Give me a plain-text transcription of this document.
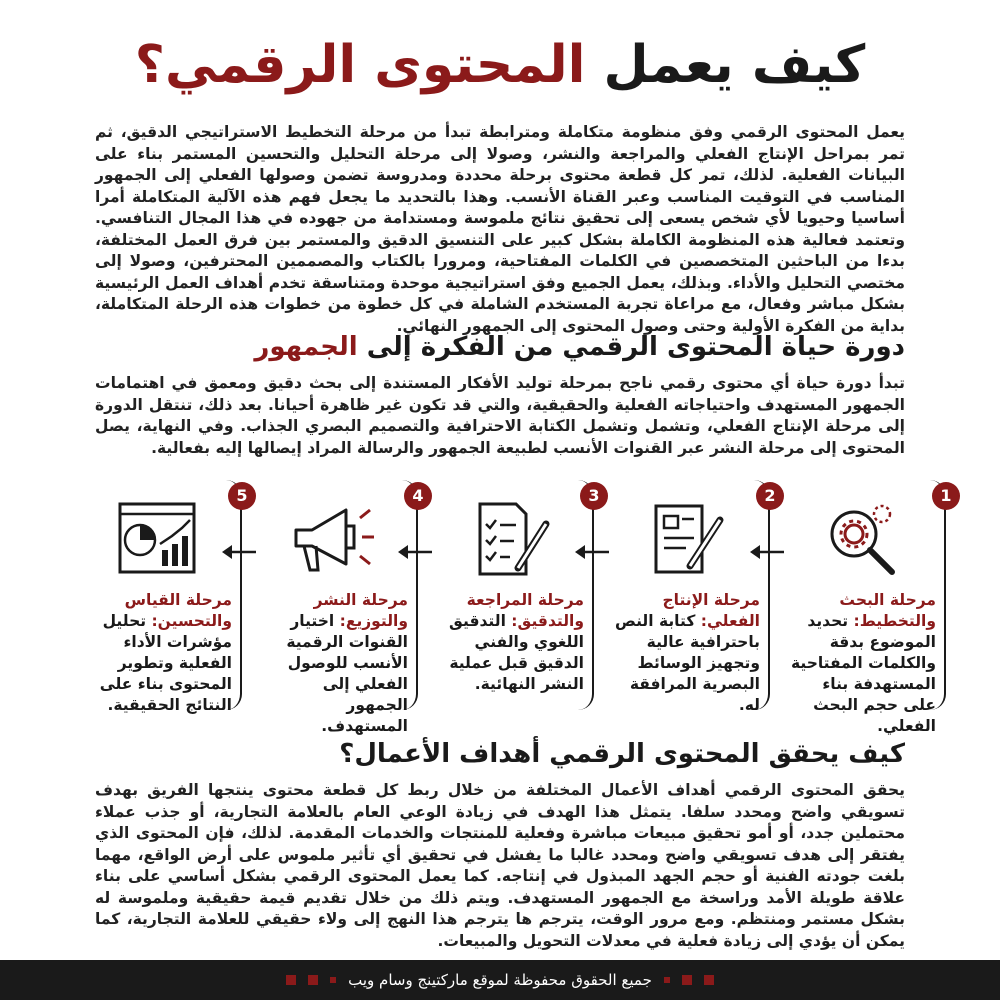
كيف يعمل المحتوى الرقمي؟

يعمل المحتوى الرقمي وفق منظومة متكاملة ومترابطة تبدأ من مرحلة التخطيط الاستراتيجي الدقيق، ثم تمر بمراحل الإنتاج الفعلي والمراجعة والنشر، وصولا إلى مرحلة التحليل والتحسين المستمر بناء على البيانات الفعلية. لذلك، تمر كل قطعة محتوى برحلة محددة ومدروسة تضمن وصولها الفعلي إلى الجمهور المناسب في التوقيت المناسب وعبر القناة الأنسب. وهذا بالتحديد ما يجعل فهم هذه الآلية المتكاملة أمرا أساسيا وحيويا لأي شخص يسعى إلى تحقيق نتائج ملموسة ومستدامة من جهوده في هذا المجال التنافسي. وتعتمد فعالية هذه المنظومة الكاملة بشكل كبير على التنسيق الدقيق والمستمر بين فرق العمل المختلفة، بدءا من الباحثين المتخصصين في الكلمات المفتاحية، ومرورا بالكتاب والمصممين المحترفين، وصولا إلى مختصي التحليل والأداء. وبذلك، يعمل الجميع وفق استراتيجية موحدة ومتناسقة تخدم أهداف العمل الرئيسية بشكل مباشر وفعال، مع مراعاة تجربة المستخدم الشاملة في كل خطوة من خطوات هذه الرحلة المتكاملة، بداية من الفكرة الأولية وحتى وصول المحتوى إلى الجمهور النهائي.

دورة حياة المحتوى الرقمي من الفكرة إلى الجمهور

تبدأ دورة حياة أي محتوى رقمي ناجح بمرحلة توليد الأفكار المستندة إلى بحث دقيق ومعمق في اهتمامات الجمهور المستهدف واحتياجاته الفعلية والحقيقية، والتي قد تكون غير ظاهرة أحيانا. بعد ذلك، تنتقل الدورة إلى مرحلة الإنتاج الفعلي، وتشمل وتشمل الكتابة الاحترافية والتصميم البصري الجذاب. وفي النهاية، يصل المحتوى إلى مرحلة النشر عبر القنوات الأنسب لطبيعة الجمهور والرسالة المراد إيصالها إليه بفعالية.

1
مرحلة البحث والتخطيط: تحديد الموضوع بدقة والكلمات المفتاحية المستهدفة بناء على حجم البحث الفعلي.
2
مرحلة الإنتاج الفعلي: كتابة النص باحترافية عالية وتجهيز الوسائط البصرية المرافقة له.
3
مرحلة المراجعة والتدقيق: التدقيق اللغوي والفني الدقيق قبل عملية النشر النهائية.
4
مرحلة النشر والتوزيع: اختيار القنوات الرقمية الأنسب للوصول الفعلي إلى الجمهور المستهدف.
5
مرحلة القياس والتحسين: تحليل مؤشرات الأداء الفعلية وتطوير المحتوى بناء على النتائج الحقيقية.
كيف يحقق المحتوى الرقمي أهداف الأعمال؟

يحقق المحتوى الرقمي أهداف الأعمال المختلفة من خلال ربط كل قطعة محتوى ينتجها الفريق بهدف تسويقي واضح ومحدد سلفا. يتمثل هذا الهدف في زيادة الوعي العام بالعلامة التجارية، أو جذب عملاء محتملين جدد، أو أمو تحقيق مبيعات مباشرة وفعلية للمنتجات والخدمات المقدمة. لذلك، فإن المحتوى الذي يفتقر إلى هدف تسويقي واضح ومحدد غالبا ما يفشل في تحقيق أي تأثير ملموس على أرض الواقع، مهما بلغت جودته الفنية أو حجم الجهد المبذول في إنتاجه. كما يعمل المحتوى الرقمي بشكل أساسي على بناء علاقة طويلة الأمد وراسخة مع الجمهور المستهدف. ويتم ذلك من خلال تقديم قيمة حقيقية وملموسة له بشكل مستمر ومنتظم. ومع مرور الوقت، يترجم ها يترجم هذا النهج إلى ولاء حقيقي للعلامة التجارية، كما يمكن أن يؤدي إلى زيادة فعلية في معدلات التحويل والمبيعات.

جميع الحقوق محفوظة لموقع ماركتينج وسام ويب
